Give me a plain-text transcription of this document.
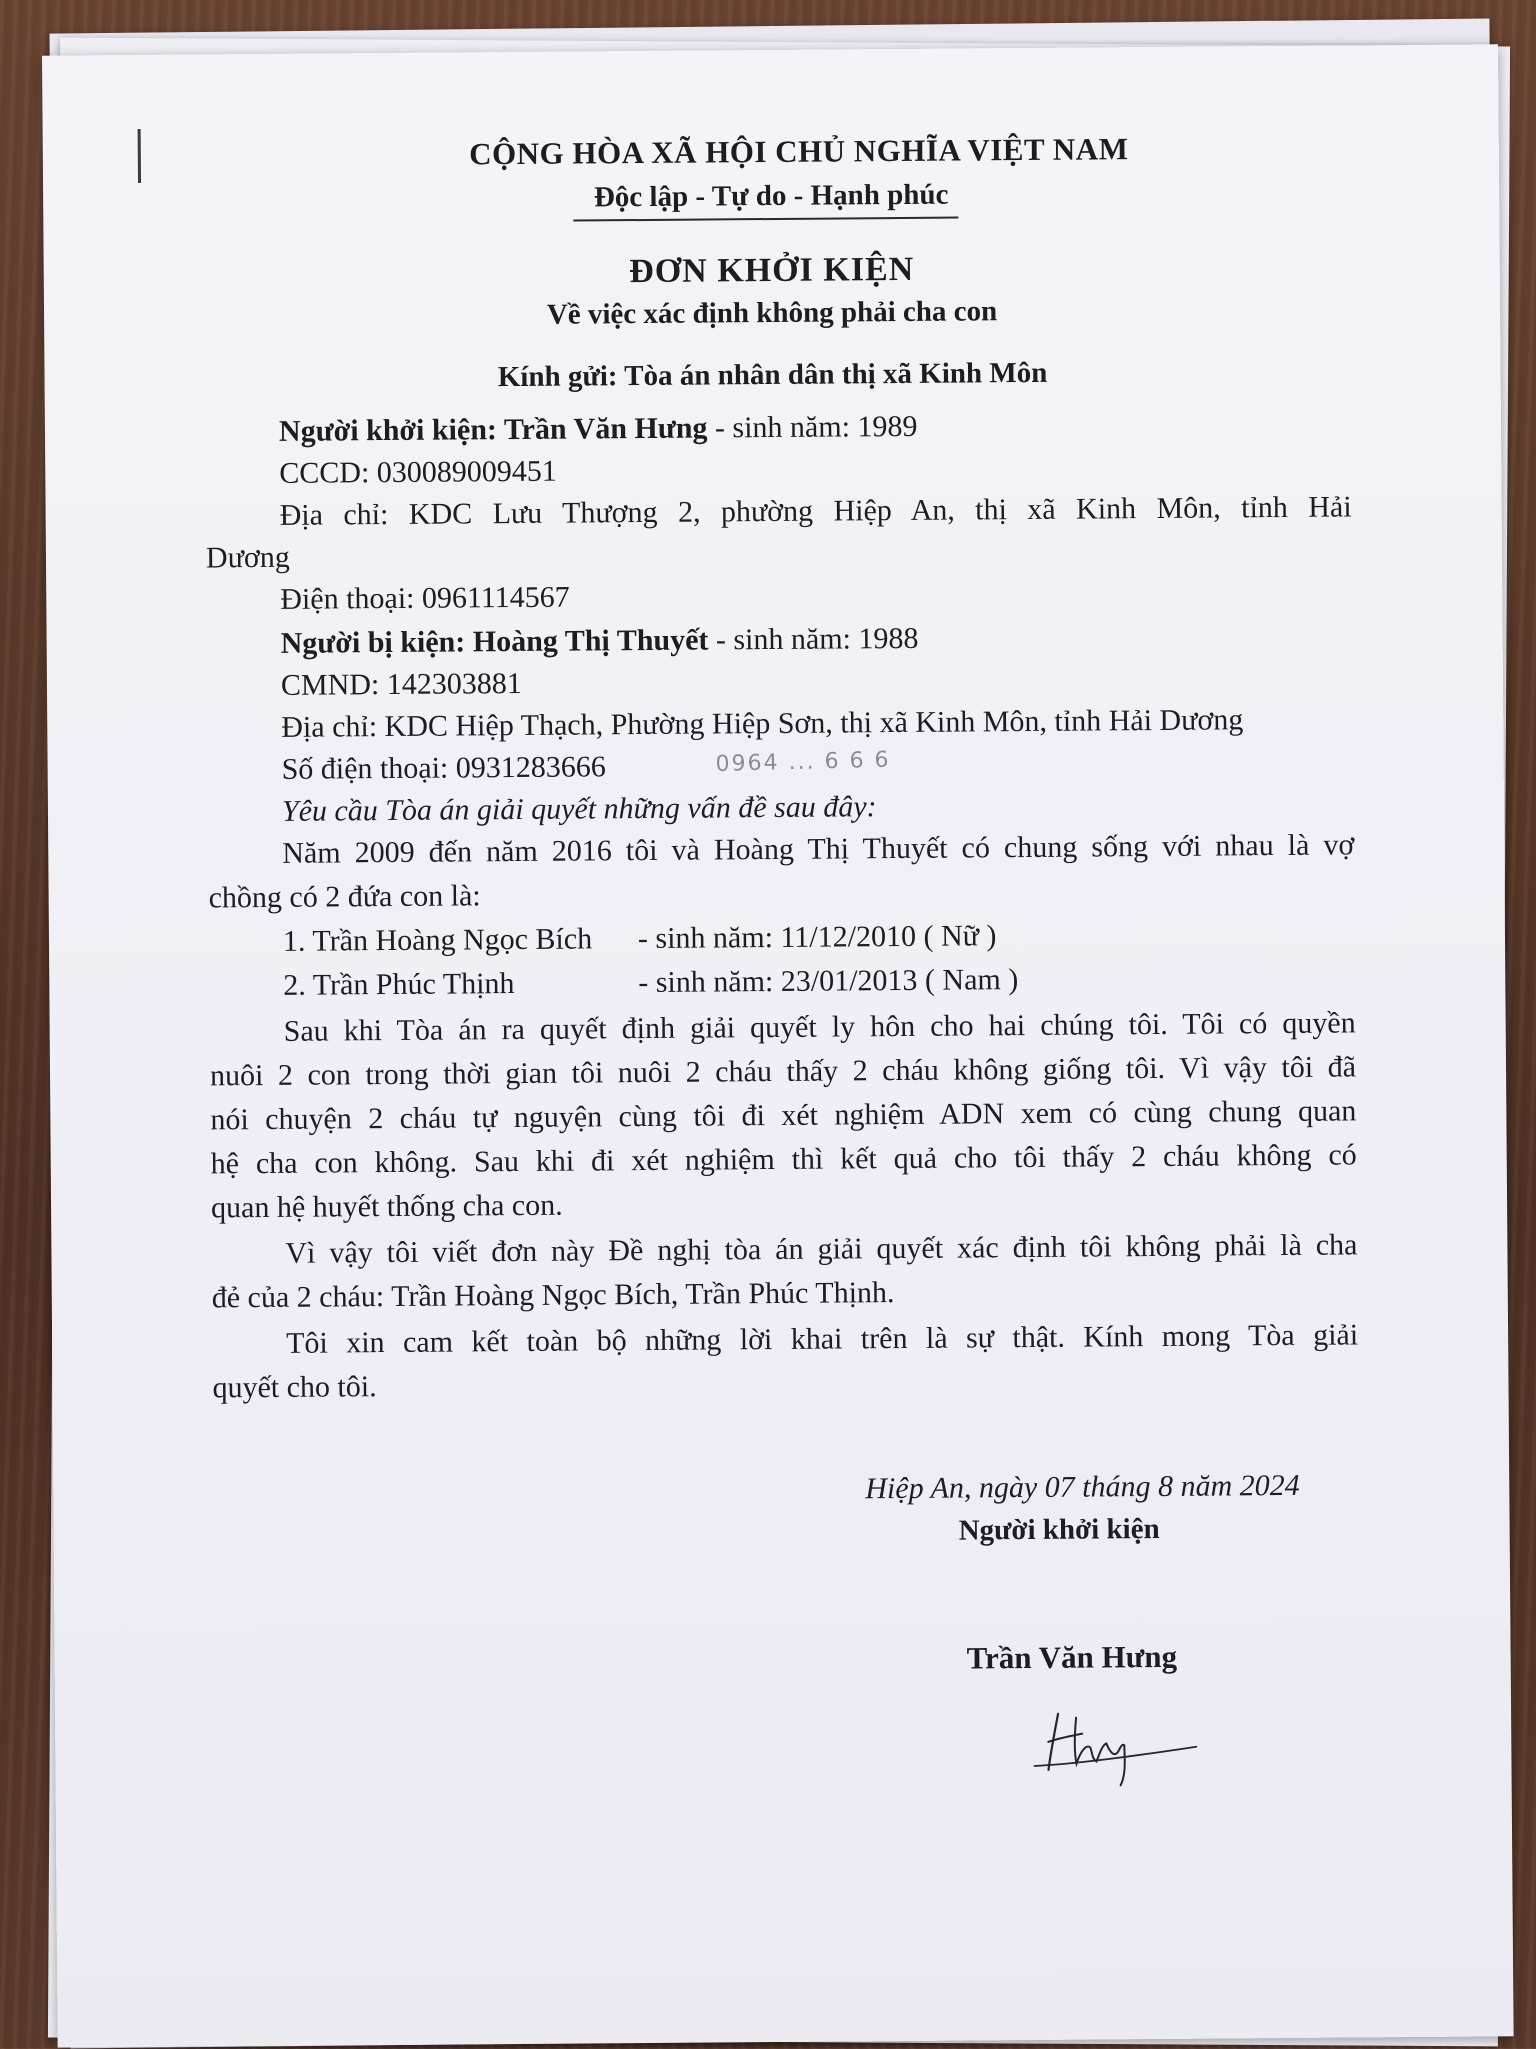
CỘNG HÒA XÃ HỘI CHỦ NGHĨA VIỆT NAM
Độc lập - Tự do - Hạnh phúc
ĐƠN KHỞI KIỆN
Về việc xác định không phải cha con
Kính gửi: Tòa án nhân dân thị xã Kinh Môn
Người khởi kiện: Trần Văn Hưng - sinh năm: 1989
CCCD: 030089009451
Địa chỉ: KDC Lưu Thượng 2, phường Hiệp An, thị xã Kinh Môn, tỉnh Hải
Dương
Điện thoại: 0961114567
Người bị kiện: Hoàng Thị Thuyết - sinh năm: 1988
CMND: 142303881
Địa chỉ: KDC Hiệp Thạch, Phường Hiệp Sơn, thị xã Kinh Môn, tỉnh Hải Dương
Số điện thoại: 0931283666	0964 ... 6 6 6
Yêu cầu Tòa án giải quyết những vấn đề sau đây:
Năm 2009 đến năm 2016 tôi và Hoàng Thị Thuyết có chung sống với nhau là vợ
chồng có 2 đứa con là:
1. Trần Hoàng Ngọc Bích - sinh năm: 11/12/2010 ( Nữ )
2. Trần Phúc Thịnh	- sinh năm: 23/01/2013 ( Nam )
Sau khi Tòa án ra quyết định giải quyết ly hôn cho hai chúng tôi. Tôi có quyền
nuôi 2 con trong thời gian tôi nuôi 2 cháu thấy 2 cháu không giống tôi. Vì vậy tôi đã
nói chuyện 2 cháu tự nguyện cùng tôi đi xét nghiệm ADN xem có cùng chung quan
hệ cha con không. Sau khi đi xét nghiệm thì kết quả cho tôi thấy 2 cháu không có
quan hệ huyết thống cha con.
Vì vậy tôi viết đơn này Đề nghị tòa án giải quyết xác định tôi không phải là cha
đẻ của 2 cháu: Trần Hoàng Ngọc Bích, Trần Phúc Thịnh.
Tôi xin cam kết toàn bộ những lời khai trên là sự thật. Kính mong Tòa giải
quyết cho tôi.
Hiệp An, ngày 07 tháng 8 năm 2024
Người khởi kiện
Trần Văn Hưng
